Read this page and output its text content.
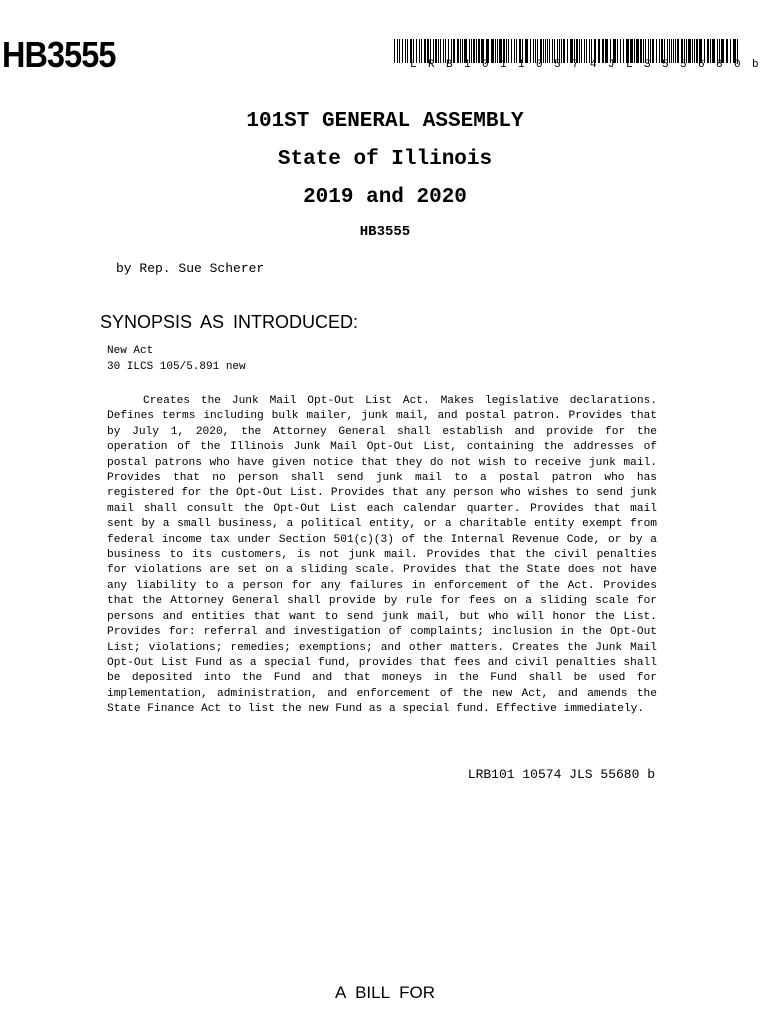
HB3555	LRB10110574JLS55680b
101ST GENERAL ASSEMBLY
State of Illinois
2019 and 2020
HB3555
by Rep. Sue Scherer
SYNOPSIS AS INTRODUCED:
New Act
30 ILCS 105/5.891 new

Creates the Junk Mail Opt-Out List Act. Makes legislative declarations. Defines terms including bulk mailer, junk mail, and postal patron. Provides that by July 1, 2020, the Attorney General shall establish and provide for the operation of the Illinois Junk Mail Opt-Out List, containing the addresses of postal patrons who have given notice that they do not wish to receive junk mail. Provides that no person shall send junk mail to a postal patron who has registered for the Opt-Out List. Provides that any person who wishes to send junk mail shall consult the Opt-Out List each calendar quarter. Provides that mail sent by a small business, a political entity, or a charitable entity exempt from federal income tax under Section 501(c)(3) of the Internal Revenue Code, or by a business to its customers, is not junk mail. Provides that the civil penalties for violations are set on a sliding scale. Provides that the State does not have any liability to a person for any failures in enforcement of the Act. Provides that the Attorney General shall provide by rule for fees on a sliding scale for persons and entities that want to send junk mail, but who will honor the List. Provides for: referral and investigation of complaints; inclusion in the Opt-Out List; violations; remedies; exemptions; and other matters. Creates the Junk Mail Opt-Out List Fund as a special fund, provides that fees and civil penalties shall be deposited into the Fund and that moneys in the Fund shall be used for implementation, administration, and enforcement of the new Act, and amends the State Finance Act to list the new Fund as a special fund. Effective immediately.

LRB101 10574 JLS 55680 b
A BILL FOR
